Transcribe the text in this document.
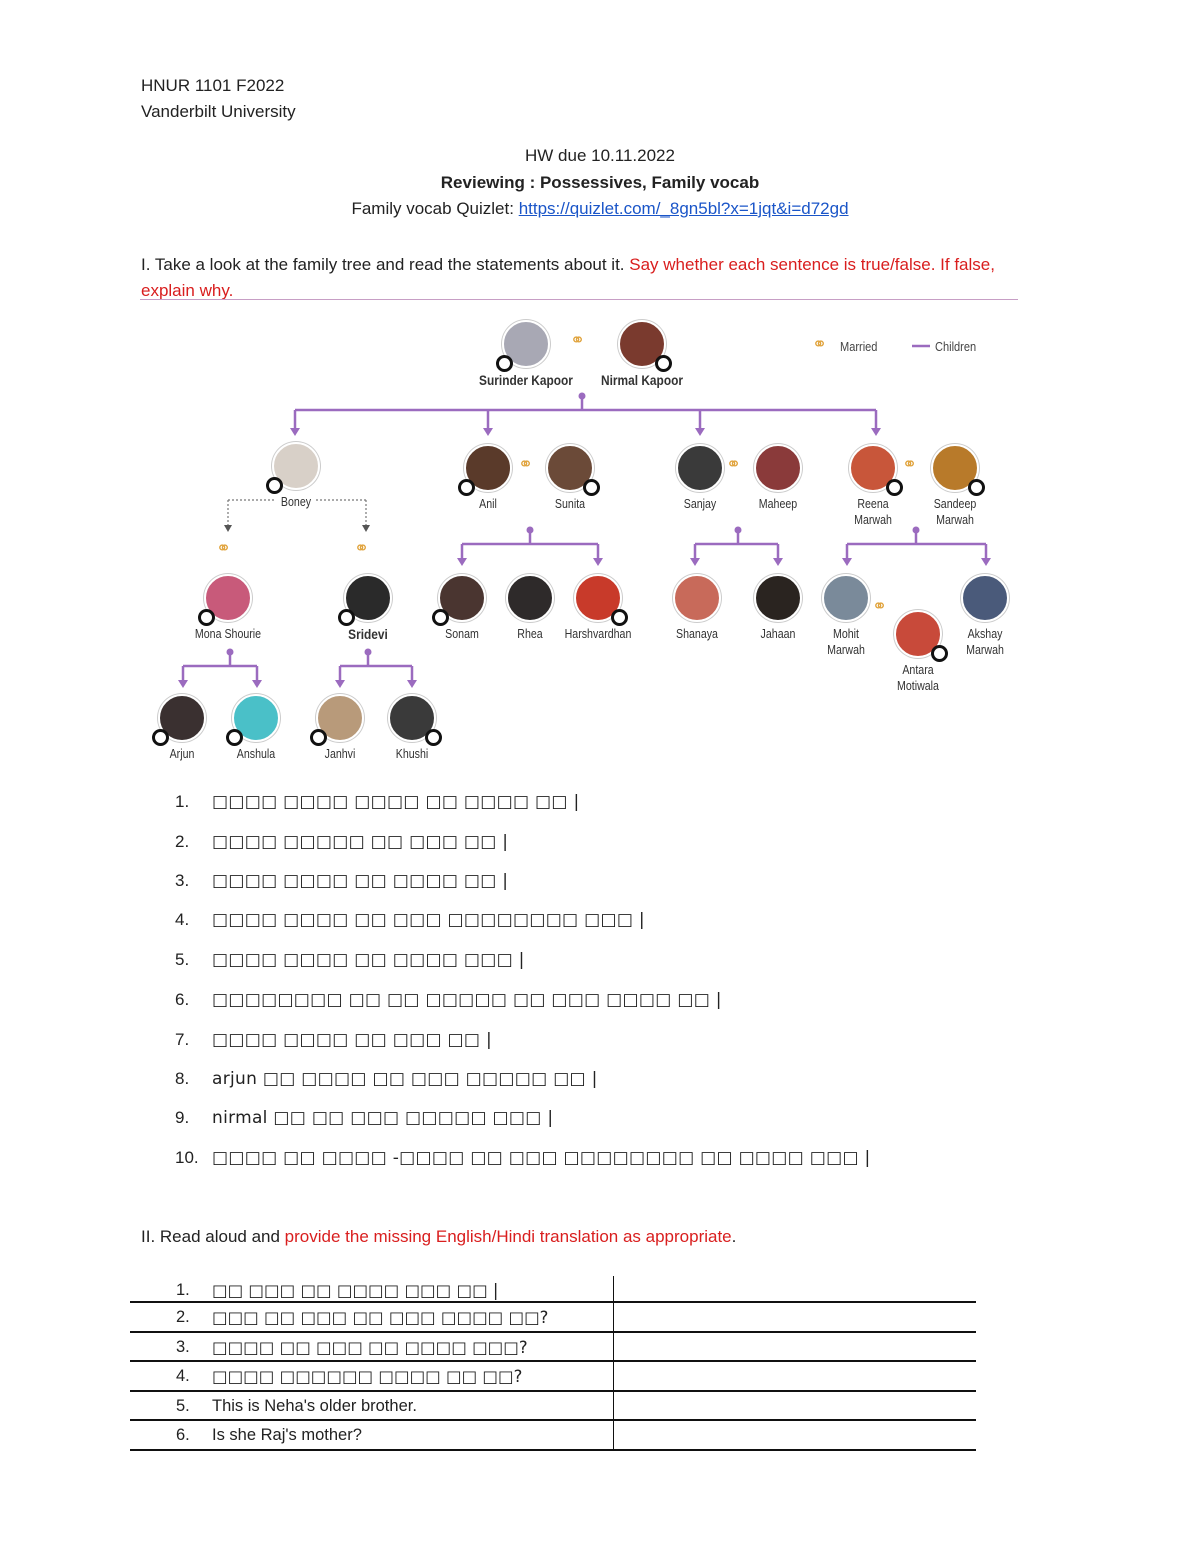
HNUR 1101 F2022
Vanderbilt University
HW due 10.11.2022
Reviewing : Possessives, Family vocab
Family vocab Quizlet: https://quizlet.com/_8gn5bl?x=1jqt&i=d72gd
I. Take a look at the family tree and read the statements about it. Say whether each sentence is true/false. If false, explain why.
⚭ Married	Children
Surinder Kapoor
⚭
Nirmal Kapoor
Boney	Anil
⚭
Sunita	Sanjay
⚭
Maheep	Reena
Marwah
⚭
Sandeep
Marwah
⚭	⚭
Mona Shourie	Sridevi	Sonam	Rhea	Harshvardhan	Shanaya	Jahaan	Mohit
Marwah
⚭
Antara
Motiwala
Akshay
Marwah
Arjun	Anshula	Janhvi	Khushi
1. □□□□ □□□□ □□□□ □□ □□□□ □□ |
2. □□□□ □□□□□ □□ □□□ □□ |
3. □□□□ □□□□ □□ □□□□ □□ |
4. □□□□ □□□□ □□ □□□ □□□□□□□□ □□□ |
5. □□□□ □□□□ □□ □□□□ □□□ |
6. □□□□□□□□ □□ □□ □□□□□ □□ □□□ □□□□ □□ |
7. □□□□ □□□□ □□ □□□ □□ |
8. arjun □□ □□□□ □□ □□□ □□□□□ □□ |
9. nirmal □□ □□ □□□ □□□□□ □□□ |
10. □□□□ □□ □□□□ -□□□□ □□ □□□ □□□□□□□□ □□ □□□□ □□□ |
II. Read aloud and provide the missing English/Hindi translation as appropriate.
1. □□ □□□ □□ □□□□ □□□ □□ |
2. □□□ □□ □□□ □□ □□□ □□□□ □□?
3. □□□□ □□ □□□ □□ □□□□ □□□?
4. □□□□ □□□□□□ □□□□ □□ □□?
5. This is Neha's older brother.
6. Is she Raj's mother?
